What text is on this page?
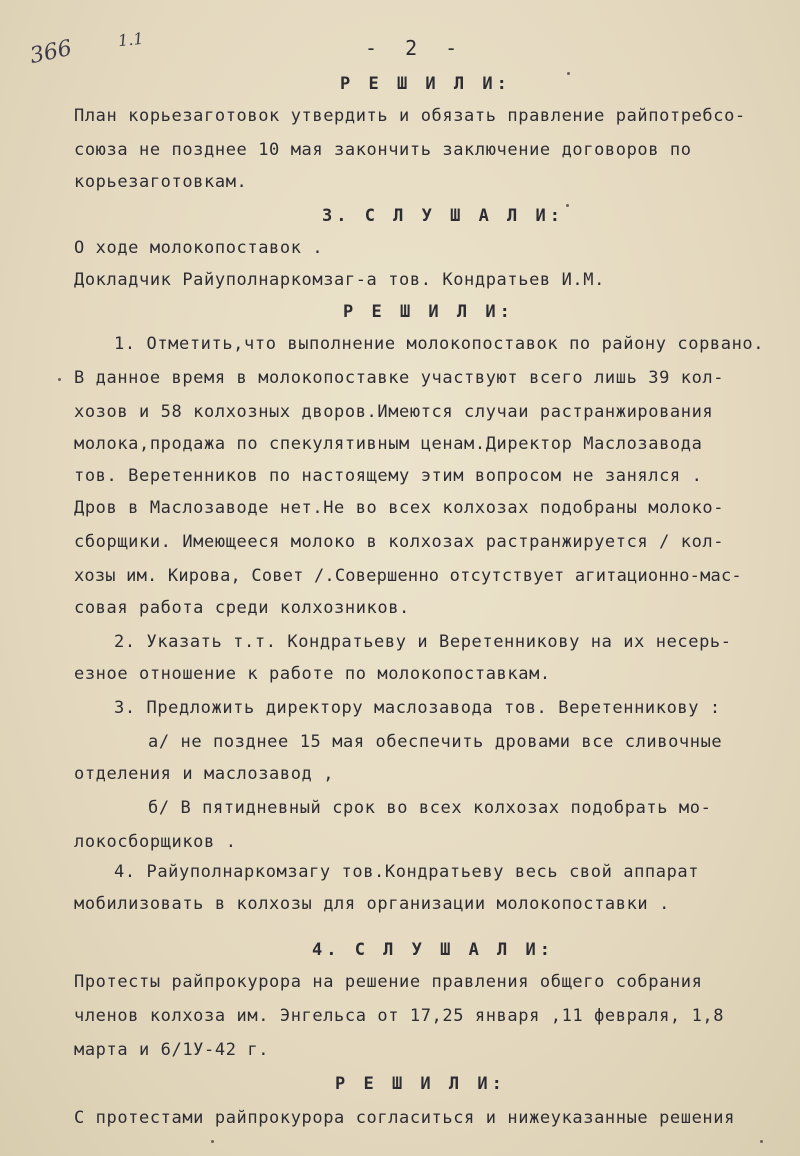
366	1.1	- 2 -
Р Е Ш И Л И:
План корьезаготовок утвердить и обязать правление райпотребсо-
союза не позднее 10 мая закончить заключение договоров по
корьезаготовкам.
3. С Л У Ш А Л И:
О ходе молокопоставок .
Докладчик Райуполнаркомзаг-а тов. Кондратьев И.М.
Р Е Ш И Л И:
1. Отметить,что выполнение молокопоставок по району сорвано.
В данное время в молокопоставке участвуют всего лишь 39 кол-
хозов и 58 колхозных дворов.Имеются случаи растранжирования
молока,продажа по спекулятивным ценам.Директор Маслозавода
тов. Веретенников по настоящему этим вопросом не занялся .
Дров в Маслозаводе нет.Не во всех колхозах подобраны молоко-
сборщики. Имеющееся молоко в колхозах растранжируется / кол-
хозы им. Кирова, Совет /.Совершенно отсутствует агитационно-мас-
совая работа среди колхозников.
2. Указать т.т. Кондратьеву и Веретенникову на их несерь-
езное отношение к работе по молокопоставкам.
3. Предложить директору маслозавода тов. Веретенникову :
а/ не позднее 15 мая обеспечить дровами все сливочные
отделения и маслозавод ,
б/ В пятидневный срок во всех колхозах подобрать мо-
локосборщиков .
4. Райуполнаркомзагу тов.Кондратьеву весь свой аппарат
мобилизовать в колхозы для организации молокопоставки .
4. С Л У Ш А Л И:
Протесты райпрокурора на решение правления общего собрания
членов колхоза им. Энгельса от 17,25 января ,11 февраля, 1,8
марта и 6/1У-42 г.
Р Е Ш И Л И:
С протестами райпрокурора согласиться и нижеуказанные решения
